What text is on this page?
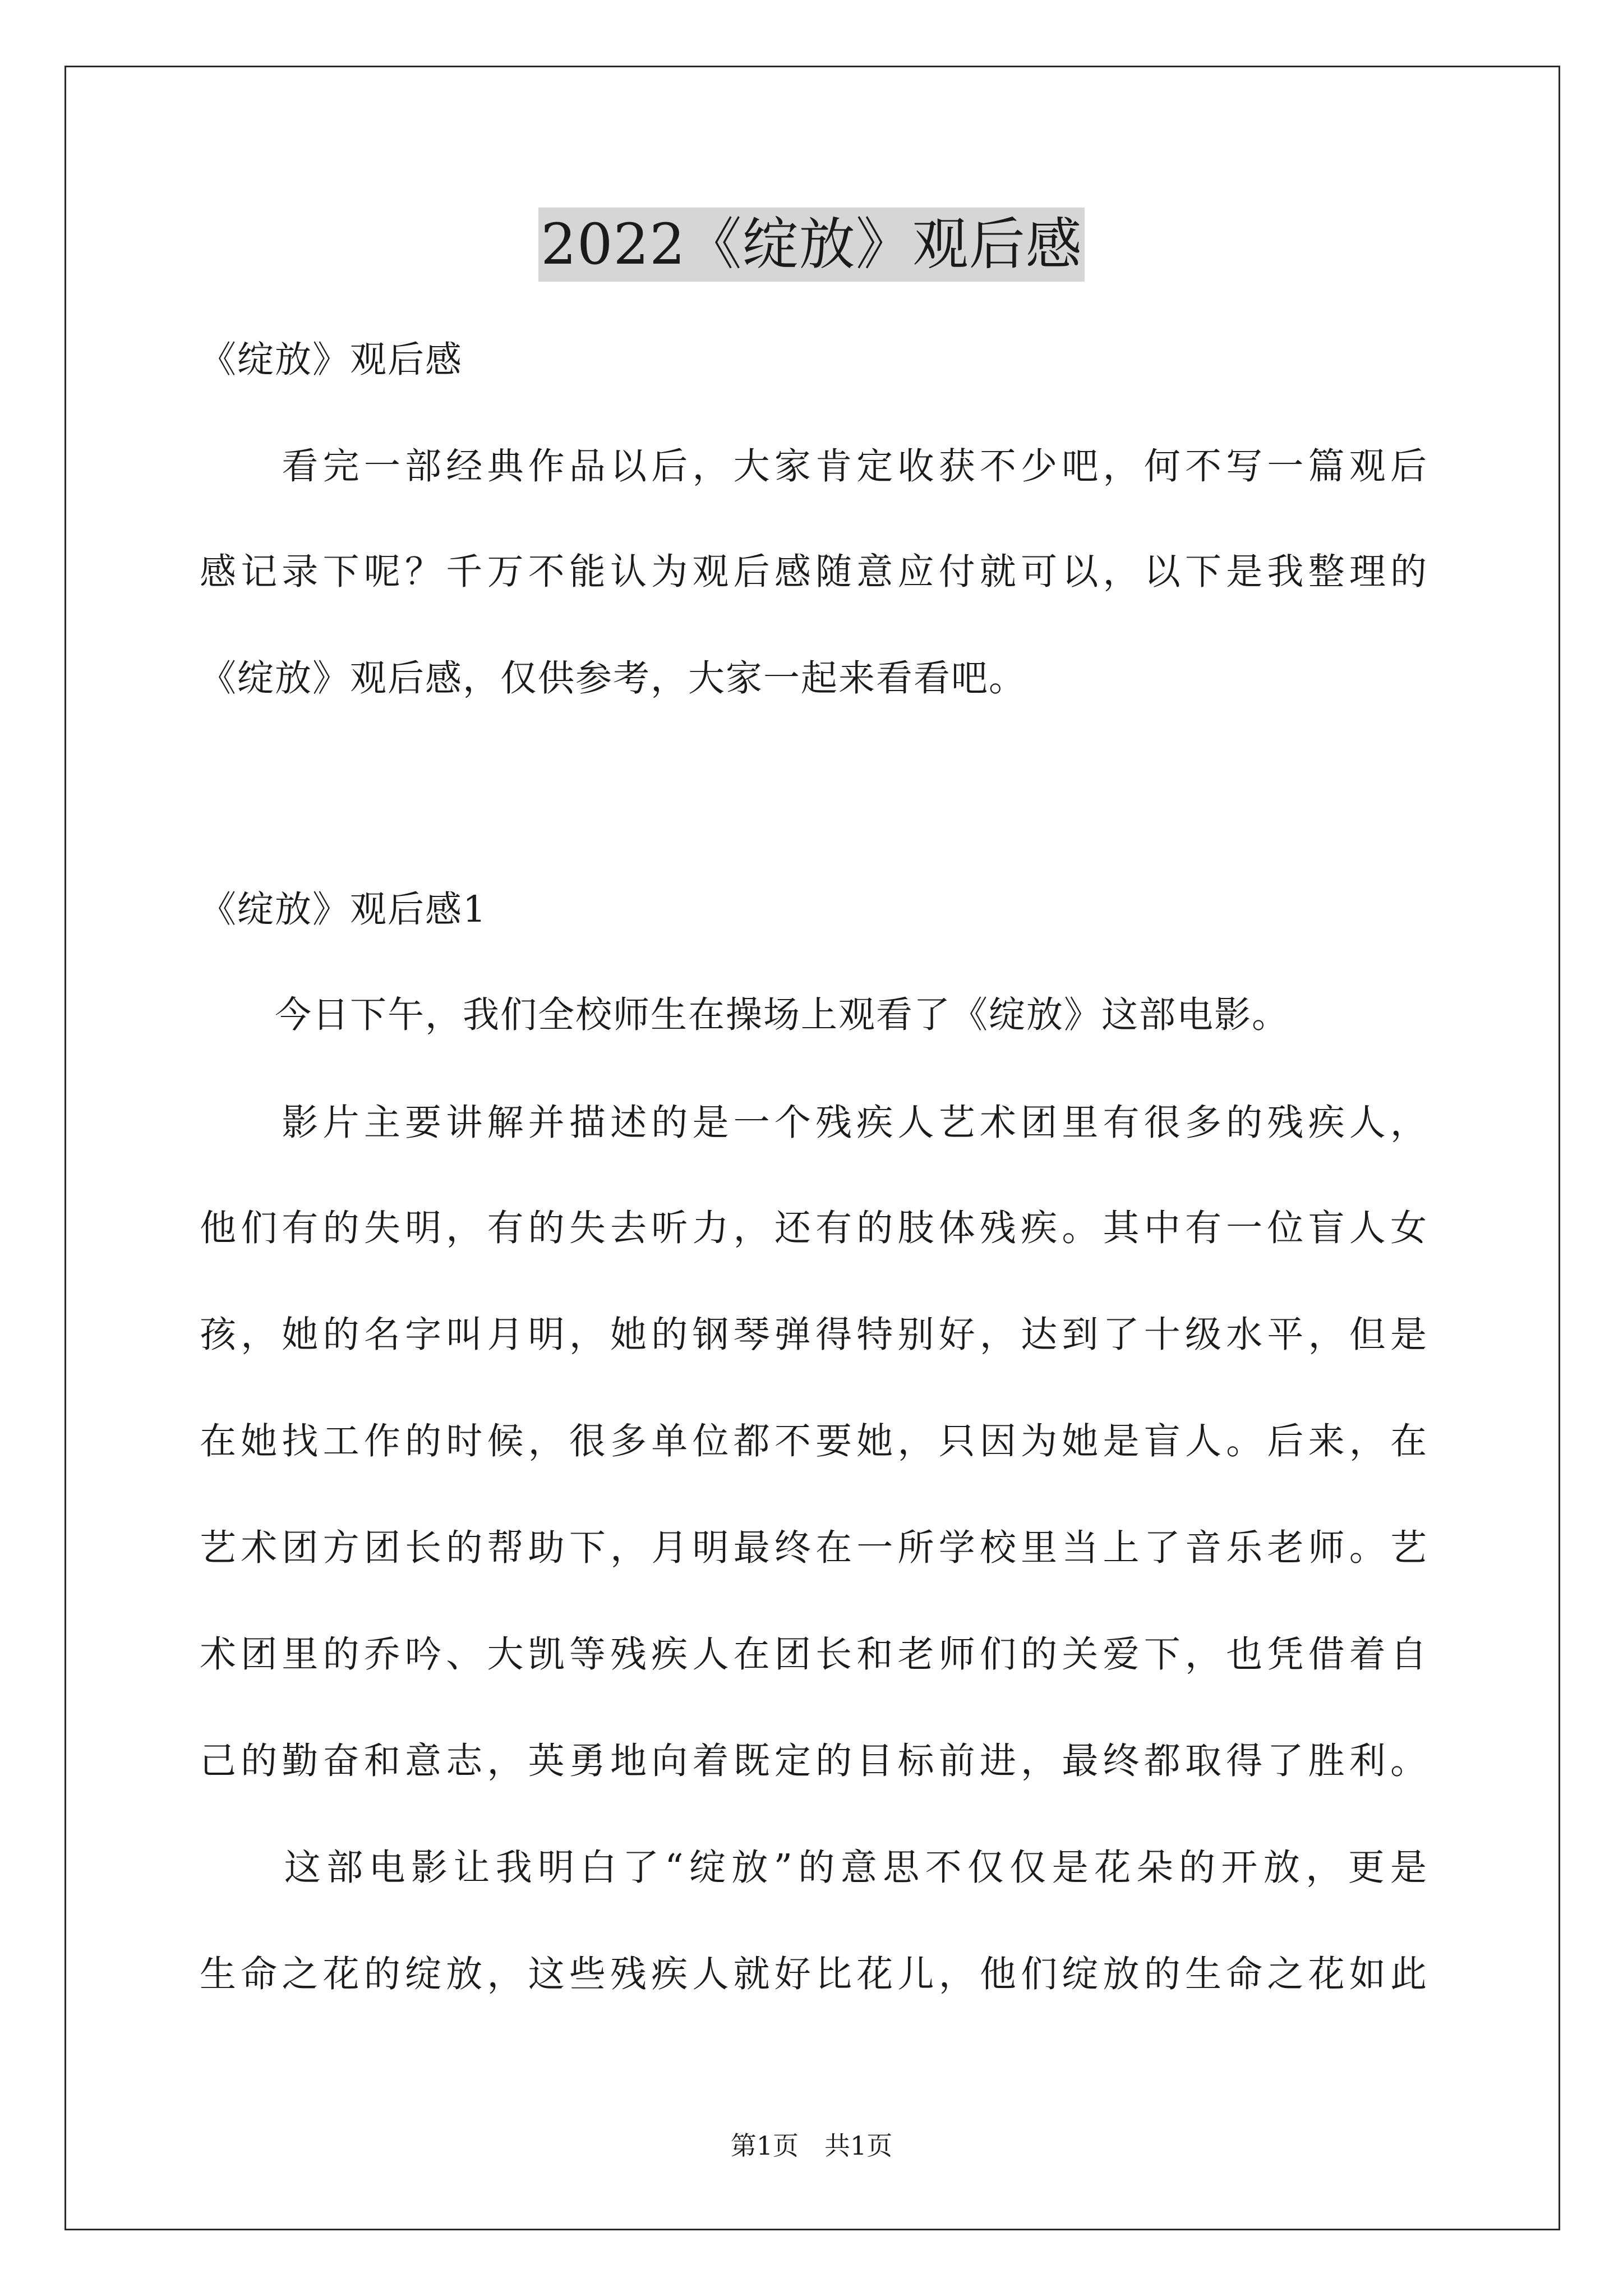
2022《绽放》观后感

《绽放》观后感

　　看完一部经典作品以后，大家肯定收获不少吧，何不写一篇观后

感记录下呢？千万不能认为观后感随意应付就可以，以下是我整理的

《绽放》观后感，仅供参考，大家一起来看看吧。

《绽放》观后感1

　　今日下午，我们全校师生在操场上观看了《绽放》这部电影。

　　影片主要讲解并描述的是一个残疾人艺术团里有很多的残疾人，

他们有的失明，有的失去听力，还有的肢体残疾。其中有一位盲人女

孩，她的名字叫月明，她的钢琴弹得特别好，达到了十级水平，但是

在她找工作的时候，很多单位都不要她，只因为她是盲人。后来，在

艺术团方团长的帮助下，月明最终在一所学校里当上了音乐老师。艺

术团里的乔吟、大凯等残疾人在团长和老师们的关爱下，也凭借着自

己的勤奋和意志，英勇地向着既定的目标前进，最终都取得了胜利。

　　这部电影让我明白了“绽放”的意思不仅仅是花朵的开放，更是

生命之花的绽放，这些残疾人就好比花儿，他们绽放的生命之花如此

第1页　共1页
